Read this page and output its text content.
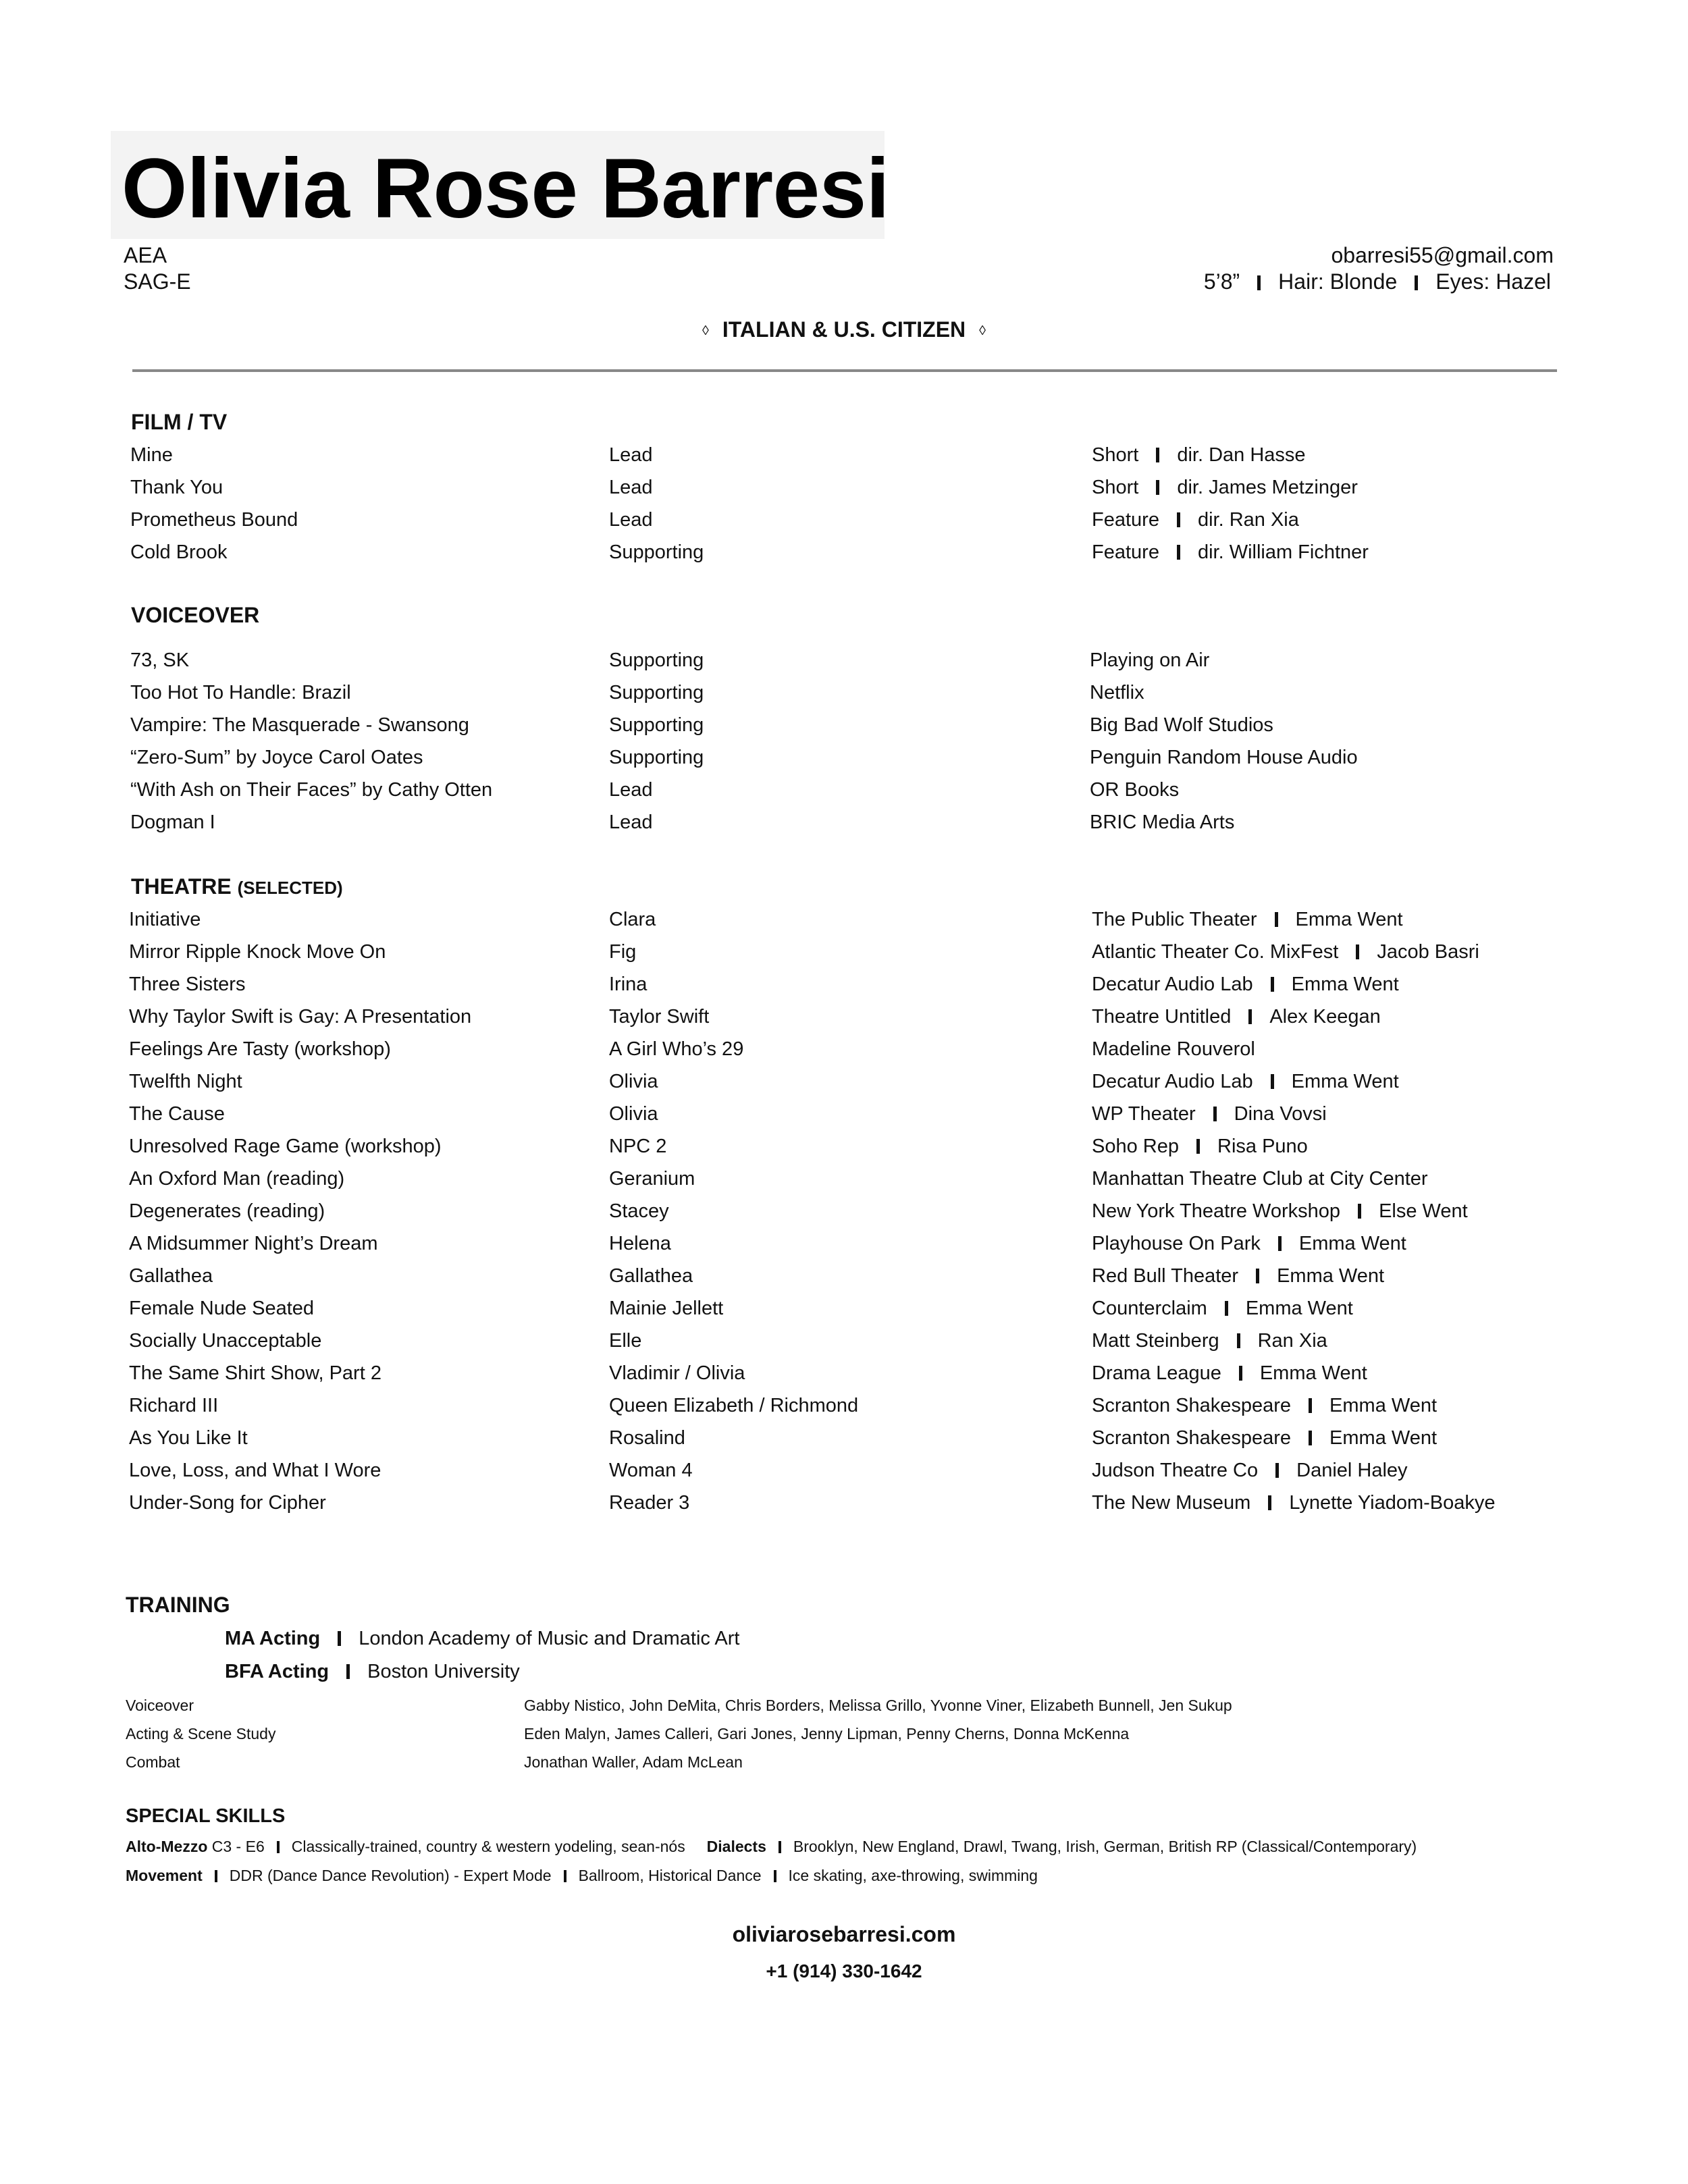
Olivia Rose Barresi
AEA
SAG-E
obarresi55@gmail.com
5’8” Hair: Blonde Eyes: Hazel
◊ ITALIAN & U.S. CITIZEN ◊
FILM / TV
Mine	Lead	Short dir. Dan Hasse
Thank You	Lead	Short dir. James Metzinger
Prometheus Bound	Lead	Feature dir. Ran Xia
Cold Brook	Supporting	Feature dir. William Fichtner
VOICEOVER
73, SK	Supporting	Playing on Air
Too Hot To Handle: Brazil	Supporting	Netflix
Vampire: The Masquerade - Swansong	Supporting	Big Bad Wolf Studios
“Zero-Sum” by Joyce Carol Oates	Supporting	Penguin Random House Audio
“With Ash on Their Faces” by Cathy Otten	Lead	OR Books
Dogman I	Lead	BRIC Media Arts
THEATRE (SELECTED)
Initiative	Clara	The Public Theater Emma Went
Mirror Ripple Knock Move On	Fig	Atlantic Theater Co. MixFest Jacob Basri
Three Sisters	Irina	Decatur Audio Lab Emma Went
Why Taylor Swift is Gay: A Presentation	Taylor Swift	Theatre Untitled Alex Keegan
Feelings Are Tasty (workshop)	A Girl Who’s 29	Madeline Rouverol
Twelfth Night	Olivia	Decatur Audio Lab Emma Went
The Cause	Olivia	WP Theater Dina Vovsi
Unresolved Rage Game (workshop)	NPC 2	Soho Rep Risa Puno
An Oxford Man (reading)	Geranium	Manhattan Theatre Club at City Center
Degenerates (reading)	Stacey	New York Theatre Workshop Else Went
A Midsummer Night’s Dream	Helena	Playhouse On Park Emma Went
Gallathea	Gallathea	Red Bull Theater Emma Went
Female Nude Seated	Mainie Jellett	Counterclaim Emma Went
Socially Unacceptable	Elle	Matt Steinberg Ran Xia
The Same Shirt Show, Part 2	Vladimir / Olivia	Drama League Emma Went
Richard III	Queen Elizabeth / Richmond	Scranton Shakespeare Emma Went
As You Like It	Rosalind	Scranton Shakespeare Emma Went
Love, Loss, and What I Wore	Woman 4	Judson Theatre Co Daniel Haley
Under-Song for Cipher	Reader 3	The New Museum Lynette Yiadom-Boakye
TRAINING
MA Acting London Academy of Music and Dramatic Art
BFA Acting Boston University
Voiceover	Gabby Nistico, John DeMita, Chris Borders, Melissa Grillo, Yvonne Viner, Elizabeth Bunnell, Jen Sukup
Acting & Scene Study	Eden Malyn, James Calleri, Gari Jones, Jenny Lipman, Penny Cherns, Donna McKenna
Combat	Jonathan Waller, Adam McLean
SPECIAL SKILLS
Alto-Mezzo C3 - E6 Classically-trained, country & western yodeling, sean-nós Dialects Brooklyn, New England, Drawl, Twang, Irish, German, British RP (Classical/Contemporary)
Movement DDR (Dance Dance Revolution) - Expert Mode Ballroom, Historical Dance Ice skating, axe-throwing, swimming
oliviarosebarresi.com
+1 (914) 330-1642
